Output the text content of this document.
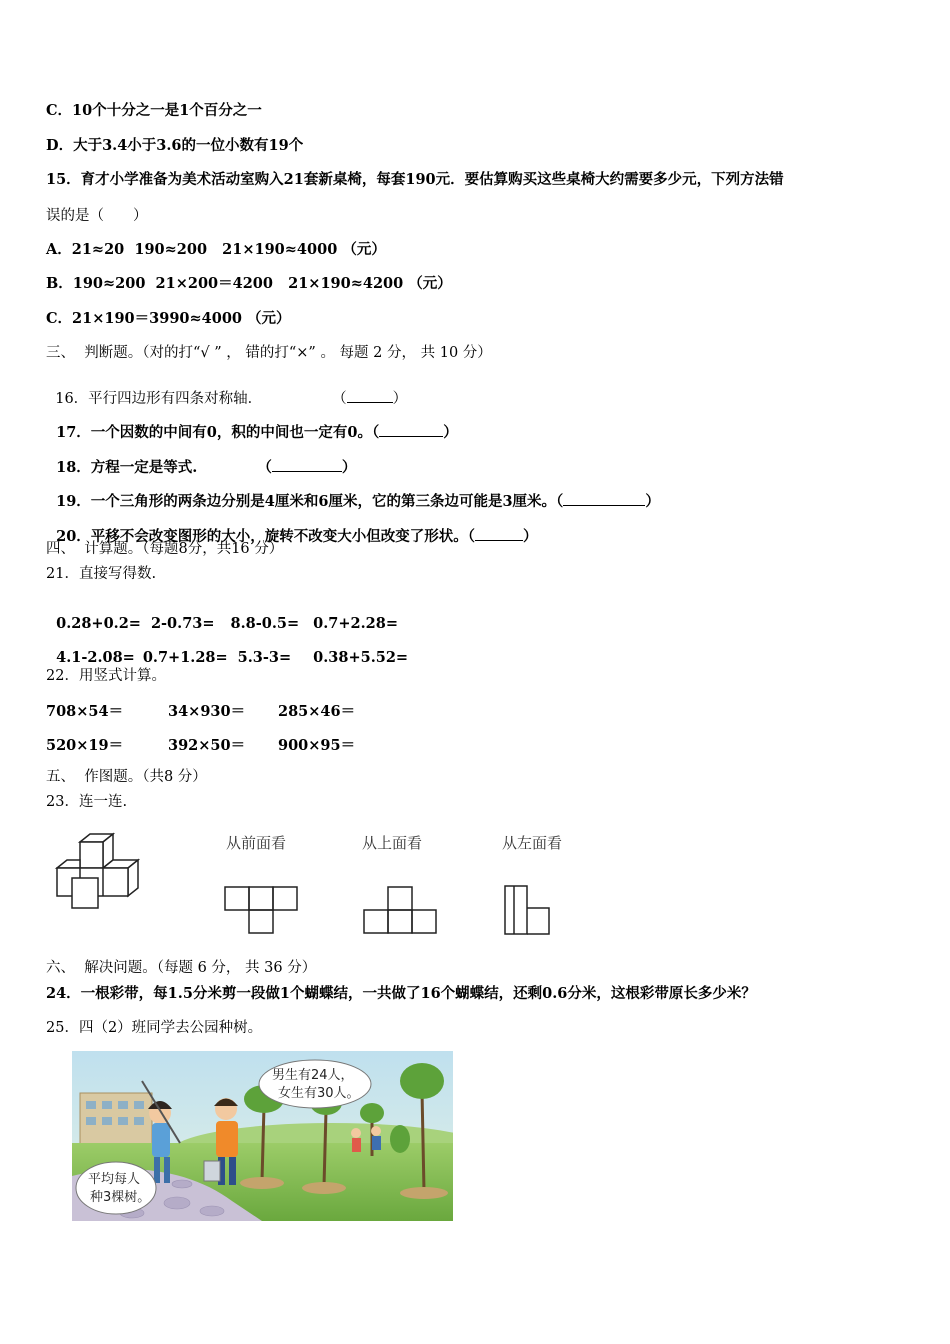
C．10个十分之一是1个百分之一
D．大于3.4小于3.6的一位小数有19个
15．育才小学准备为美术活动室购入21套新桌椅，每套190元．要估算购买这些桌椅大约需要多少元，下列方法错
误的是（　　）
A．21≈20  190≈200   21×190≈4000 （元）
B．190≈200  21×200＝4200   21×190≈4200 （元）
C．21×190＝3990≈4000 （元）
三、  判断题。（对的打“√ ” ， 错的打“×” 。 每题 2 分， 共 10 分）

16．平行四边形有四条对称轴．	（	）

17．一个因数的中间有0，积的中间也一定有0。（	）

18．方程一定是等式.	（	）

19．一个三角形的两条边分别是4厘米和6厘米，它的第三条边可能是3厘米。（	）

20．平移不会改变图形的大小，旋转不改变大小但改变了形状。（	）

四、  计算题。（每题8分，共16 分）
21．直接写得数.

0.28+0.2= 2-0.73= 8.8-0.5= 0.7+2.28=

4.1-2.08= 0.7+1.28= 5.3-3= 0.38+5.52=

22．用竖式计算。
708×54＝	34×930＝ 285×46＝
520×19＝	392×50＝ 900×95＝
五、  作图题。（共8 分）
23．连一连.
从前面看	从上面看	从左面看
六、  解决问题。（每题 6 分， 共 36 分）
24．一根彩带，每1.5分米剪一段做1个蝴蝶结，一共做了16个蝴蝶结，还剩0.6分米，这根彩带原长多少米？
25．四（2）班同学去公园种树。
男生有24人，
女生有30人。
平均每人
种3棵树。
